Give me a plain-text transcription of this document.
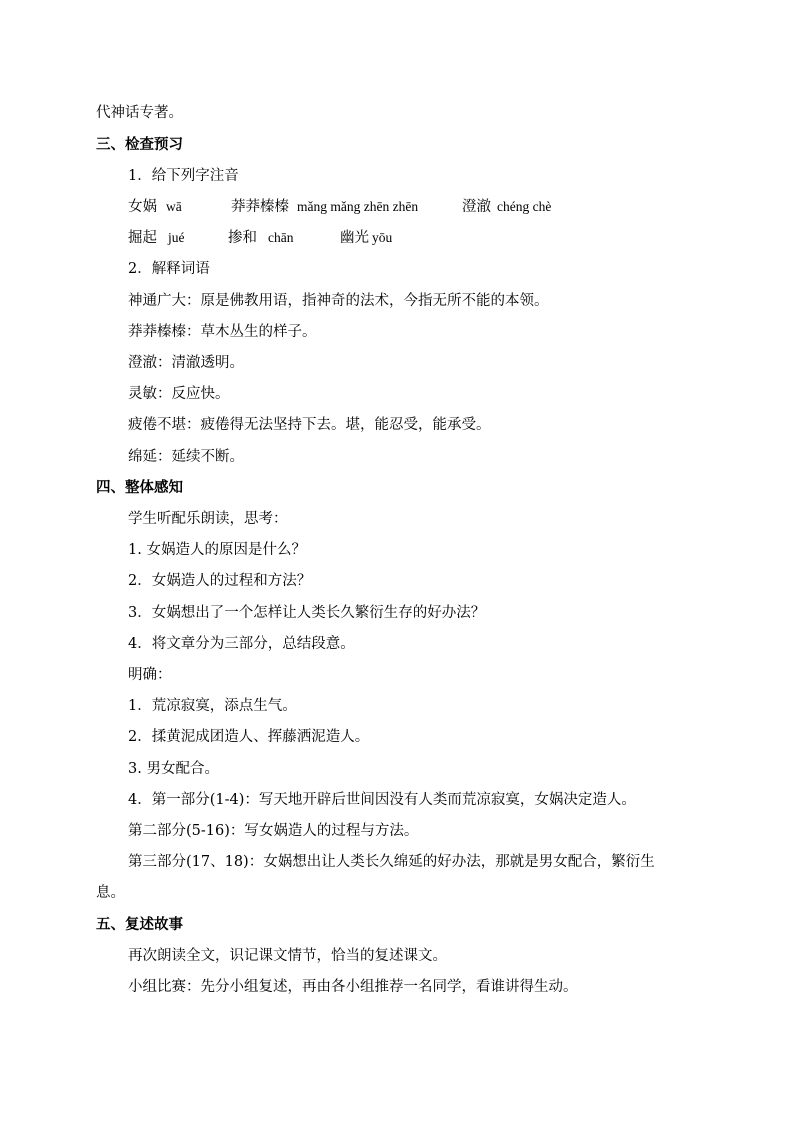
代神话专著。
三、检查预习
1．给下列字注音
女娲 wā	莽莽榛榛 mǎng mǎng zhēn zhēn	澄澈 chéng chè
掘起 jué	掺和 chān	幽光 yōu
2．解释词语
神通广大：原是佛教用语，指神奇的法术，今指无所不能的本领。
莽莽榛榛：草木丛生的样子。
澄澈：清澈透明。
灵敏：反应快。
疲倦不堪：疲倦得无法坚持下去。堪，能忍受，能承受。
绵延：延续不断。
四、整体感知
学生听配乐朗读，思考：
1. 女娲造人的原因是什么？
2．女娲造人的过程和方法？
3．女娲想出了一个怎样让人类长久繁衍生存的好办法？
4．将文章分为三部分，总结段意。
明确：
1．荒凉寂寞，添点生气。
2．揉黄泥成团造人、挥藤洒泥造人。
3. 男女配合。
4．第一部分(1-4)：写天地开辟后世间因没有人类而荒凉寂寞，女娲决定造人。
第二部分(5-16)：写女娲造人的过程与方法。
第三部分(17、18)：女娲想出让人类长久绵延的好办法，那就是男女配合，繁衍生
息。
五、复述故事
再次朗读全文，识记课文情节，恰当的复述课文。
小组比赛：先分小组复述，再由各小组推荐一名同学，看谁讲得生动。
